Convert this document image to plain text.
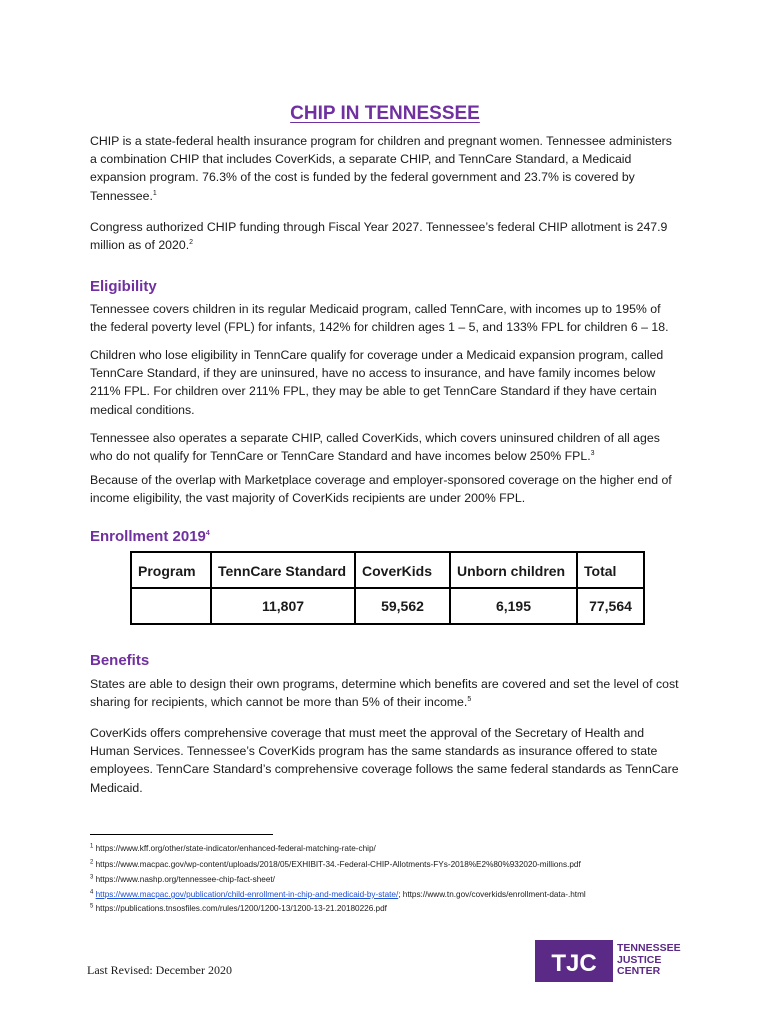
CHIP IN TENNESSEE

CHIP is a state-federal health insurance program for children and pregnant women. Tennessee administers a combination CHIP that includes CoverKids, a separate CHIP, and TennCare Standard, a Medicaid expansion program. 76.3% of the cost is funded by the federal government and 23.7% is covered by Tennessee.$^1$

Congress authorized CHIP funding through Fiscal Year 2027. Tennessee’s federal CHIP allotment is 247.9 million as of 2020.$^2$

Eligibility

Tennessee covers children in its regular Medicaid program, called TennCare, with incomes up to 195% of the federal poverty level (FPL) for infants, 142% for children ages 1 – 5, and 133% FPL for children 6 – 18.

Children who lose eligibility in TennCare qualify for coverage under a Medicaid expansion program, called TennCare Standard, if they are uninsured, have no access to insurance, and have family incomes below 211% FPL. For children over 211% FPL, they may be able to get TennCare Standard if they have certain medical conditions.

Tennessee also operates a separate CHIP, called CoverKids, which covers uninsured children of all ages who do not qualify for TennCare or TennCare Standard and have incomes below 250% FPL.$^3$

Because of the overlap with Marketplace coverage and employer-sponsored coverage on the higher end of income eligibility, the vast majority of CoverKids recipients are under 200% FPL.

Enrollment 2019$^4$
Program	TennCare Standard	CoverKids	Unborn children	Total
	11,807	59,562	6,195	77,564
Benefits

States are able to design their own programs, determine which benefits are covered and set the level of cost sharing for recipients, which cannot be more than 5% of their income.$^5$

CoverKids offers comprehensive coverage that must meet the approval of the Secretary of Health and Human Services. Tennessee’s CoverKids program has the same standards as insurance offered to state employees. TennCare Standard’s comprehensive coverage follows the same federal standards as TennCare Medicaid.

$^1$ https://www.kff.org/other/state-indicator/enhanced-federal-matching-rate-chip/

$^2$ https://www.macpac.gov/wp-content/uploads/2018/05/EXHIBIT-34.-Federal-CHIP-Allotments-FYs-2018%E2%80%932020-millions.pdf

$^3$ https://www.nashp.org/tennessee-chip-fact-sheet/

$^4$ https://www.macpac.gov/publication/child-enrollment-in-chip-and-medicaid-by-state/; https://www.tn.gov/coverkids/enrollment-data-.html

$^5$ https://publications.tnsosfiles.com/rules/1200/1200-13/1200-13-21.20180226.pdf

Last Revised: December 2020	TJC
TENNESSEE
JUSTICE
CENTER
